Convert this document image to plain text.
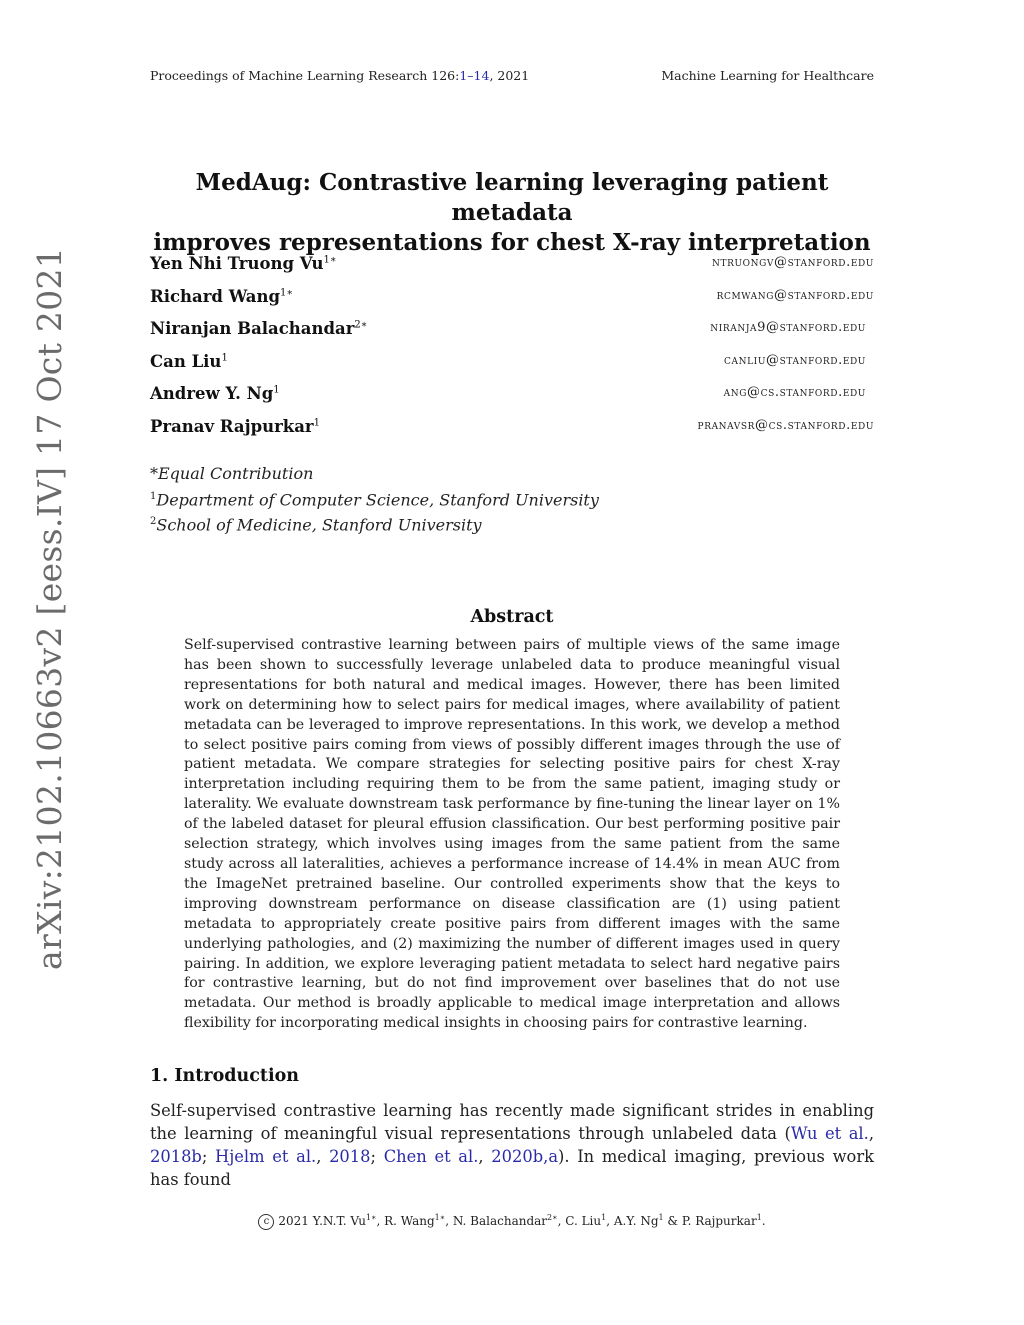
Proceedings of Machine Learning Research 126:1–14, 2021	Machine Learning for Healthcare
arXiv:2102.10663v2 [eess.IV] 17 Oct 2021
MedAug: Contrastive learning leveraging patient metadata
improves representations for chest X-ray interpretation
Yen Nhi Truong $Vu^{1∗}$	ntruongv@stanford.edu
Richard Wang$^{1∗}$	rcmwang@stanford.edu
Niranjan Balachandar$^{2∗}$	niranja9@stanford.edu
Can Liu$^1$	canliu@stanford.edu
Andrew Y. Ng$^1$	ang@cs.stanford.edu
Pranav Rajpurkar$^1$	pranavsr@cs.stanford.edu
*Equal Contribution
$^1$Department of Computer Science, Stanford University
$^2$School of Medicine, Stanford University
Abstract
Self-supervised contrastive learning between pairs of multiple views of the same image has been shown to successfully leverage unlabeled data to produce meaningful visual representations for both natural and medical images. However, there has been limited work on determining how to select pairs for medical images, where availability of patient metadata can be leveraged to improve representations. In this work, we develop a method to select positive pairs coming from views of possibly different images through the use of patient metadata. We compare strategies for selecting positive pairs for chest X-ray interpretation including requiring them to be from the same patient, imaging study or laterality. We evaluate downstream task performance by fine-tuning the linear layer on 1% of the labeled dataset for pleural effusion classification. Our best performing positive pair selection strategy, which involves using images from the same patient from the same study across all lateralities, achieves a performance increase of 14.4% in mean AUC from the ImageNet pretrained baseline. Our controlled experiments show that the keys to improving downstream performance on disease classification are (1) using patient metadata to appropriately create positive pairs from different images with the same underlying pathologies, and (2) maximizing the number of different images used in query pairing. In addition, we explore leveraging patient metadata to select hard negative pairs for contrastive learning, but do not find improvement over baselines that do not use metadata. Our method is broadly applicable to medical image interpretation and allows flexibility for incorporating medical insights in choosing pairs for contrastive learning.
1. Introduction
Self-supervised contrastive learning has recently made significant strides in enabling the learning of meaningful visual representations through unlabeled data (Wu et al., 2018b; Hjelm et al., 2018; Chen et al., 2020b,a). In medical imaging, previous work has found
c 2021 Y.N.T. $Vu^{1∗}$, R. Wang$^{1∗}$, N. Balachandar$^{2∗}$, C. Liu$^1$, A.Y. Ng$^1$ & P. Rajpurkar$^1$.
